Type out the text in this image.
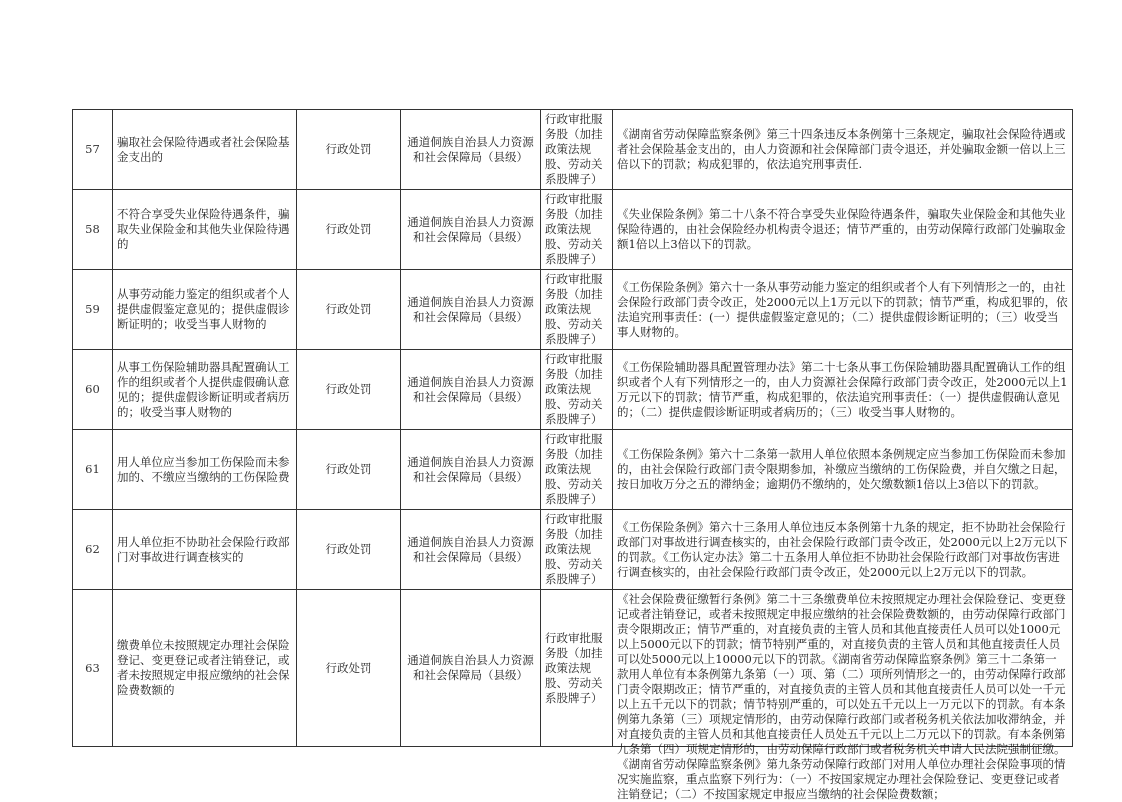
57	骗取社会保险待遇或者社会保险基金支出的	行政处罚	通道侗族自治县人力资源和社会保障局（县级）	行政审批服务股（加挂政策法规股、劳动关系股牌子）	《湖南省劳动保障监察条例》第三十四条违反本条例第十三条规定，骗取社会保险待遇或者社会保险基金支出的，由人力资源和社会保障部门责令退还，并处骗取金额一倍以上三倍以下的罚款；构成犯罪的，依法追究刑事责任.
58	不符合享受失业保险待遇条件，骗取失业保险金和其他失业保险待遇的	行政处罚	通道侗族自治县人力资源和社会保障局（县级）	行政审批服务股（加挂政策法规股、劳动关系股牌子）	《失业保险条例》第二十八条不符合享受失业保险待遇条件，骗取失业保险金和其他失业保险待遇的，由社会保险经办机构责令退还；情节严重的，由劳动保障行政部门处骗取金额1倍以上3倍以下的罚款。
59	从事劳动能力鉴定的组织或者个人提供虚假鉴定意见的；提供虚假诊断证明的；收受当事人财物的	行政处罚	通道侗族自治县人力资源和社会保障局（县级）	行政审批服务股（加挂政策法规股、劳动关系股牌子）	《工伤保险条例》第六十一条从事劳动能力鉴定的组织或者个人有下列情形之一的，由社会保险行政部门责令改正，处2000元以上1万元以下的罚款；情节严重，构成犯罪的，依法追究刑事责任：(一）提供虚假鉴定意见的；（二）提供虚假诊断证明的；（三）收受当事人财物的。
60	从事工伤保险辅助器具配置确认工作的组织或者个人提供虚假确认意见的；提供虚假诊断证明或者病历的；收受当事人财物的	行政处罚	通道侗族自治县人力资源和社会保障局（县级）	行政审批服务股（加挂政策法规股、劳动关系股牌子）	《工伤保险辅助器具配置管理办法》第二十七条从事工伤保险辅助器具配置确认工作的组织或者个人有下列情形之一的，由人力资源社会保障行政部门责令改正，处2000元以上1万元以下的罚款；情节严重，构成犯罪的，依法追究刑事责任：（一）提供虚假确认意见的；（二）提供虚假诊断证明或者病历的；（三）收受当事人财物的。
61	用人单位应当参加工伤保险而未参加的、不缴应当缴纳的工伤保险费	行政处罚	通道侗族自治县人力资源和社会保障局（县级）	行政审批服务股（加挂政策法规股、劳动关系股牌子）	《工伤保险条例》第六十二条第一款用人单位依照本条例规定应当参加工伤保险而未参加的，由社会保险行政部门责令限期参加，补缴应当缴纳的工伤保险费，并自欠缴之日起，按日加收万分之五的滞纳金；逾期仍不缴纳的，处欠缴数额1倍以上3倍以下的罚款。
62	用人单位拒不协助社会保险行政部门对事故进行调查核实的	行政处罚	通道侗族自治县人力资源和社会保障局（县级）	行政审批服务股（加挂政策法规股、劳动关系股牌子）	《工伤保险条例》第六十三条用人单位违反本条例第十九条的规定，拒不协助社会保险行政部门对事故进行调查核实的，由社会保险行政部门责令改正，处2000元以上2万元以下的罚款。《工伤认定办法》第二十五条用人单位拒不协助社会保险行政部门对事故伤害进行调查核实的，由社会保险行政部门责令改正，处2000元以上2万元以下的罚款。
63	缴费单位未按照规定办理社会保险登记、变更登记或者注销登记，或者未按照规定申报应缴纳的社会保险费数额的	行政处罚	通道侗族自治县人力资源和社会保障局（县级）	行政审批服务股（加挂政策法规股、劳动关系股牌子）	《社会保险费征缴暂行条例》第二十三条缴费单位未按照规定办理社会保险登记、变更登记或者注销登记，或者未按照规定申报应缴纳的社会保险费数额的，由劳动保障行政部门责令限期改正；情节严重的，对直接负责的主管人员和其他直接责任人员可以处1000元以上5000元以下的罚款；情节特别严重的，对直接负责的主管人员和其他直接责任人员可以处5000元以上10000元以下的罚款。《湖南省劳动保障监察条例》第三十二条第一款用人单位有本条例第九条第（一）项、第（二）项所列情形之一的，由劳动保障行政部门责令限期改正；情节严重的，对直接负责的主管人员和其他直接责任人员可以处一千元以上五千元以下的罚款；情节特别严重的，可以处五千元以上一万元以下的罚款。有本条例第九条第（三）项规定情形的，由劳动保障行政部门或者税务机关依法加收滞纳金，并对直接负责的主管人员和其他直接责任人员处五千元以上二万元以下的罚款。有本条例第九条第（四）项规定情形的，由劳动保障行政部门或者税务机关申请人民法院强制征缴。《湖南省劳动保障监察条例》第九条劳动保障行政部门对用人单位办理社会保险事项的情况实施监察，重点监察下列行为：（一）不按国家规定办理社会保险登记、变更登记或者注销登记；（二）不按国家规定申报应当缴纳的社会保险费数额；
